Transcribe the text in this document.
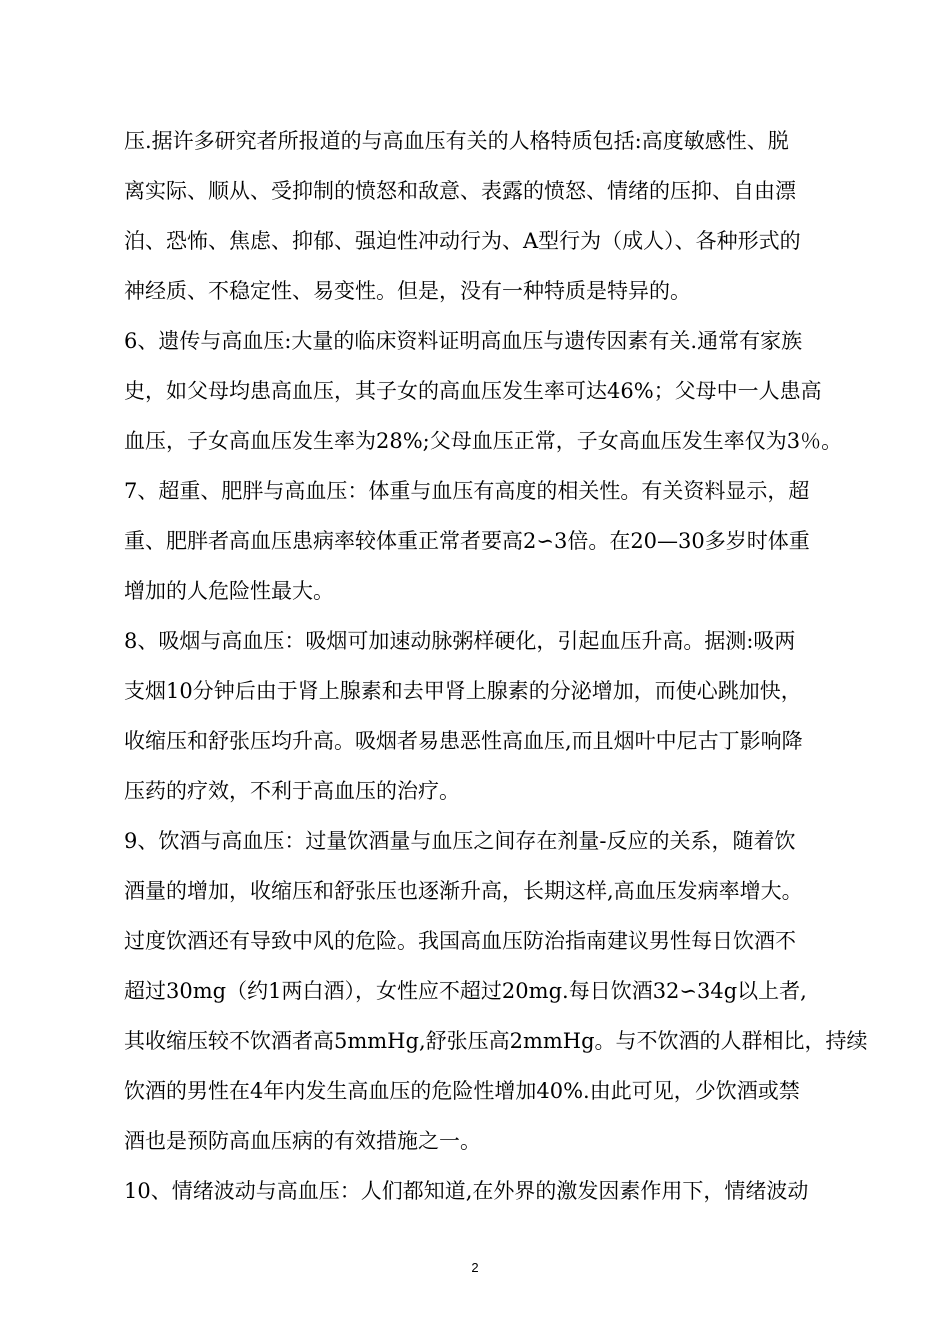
压.据许多研究者所报道的与高血压有关的人格特质包括:高度敏感性、脱
离实际、顺从、受抑制的愤怒和敌意、表露的愤怒、情绪的压抑、自由漂
泊、恐怖、焦虑、抑郁、强迫性冲动行为、A型行为（成人）、各种形式的
神经质、不稳定性、易变性。但是，没有一种特质是特异的。
6、遗传与高血压:大量的临床资料证明高血压与遗传因素有关.通常有家族
史，如父母均患高血压，其子女的高血压发生率可达46%；父母中一人患高
血压，子女高血压发生率为28%;父母血压正常，子女高血压发生率仅为3％。
7、超重、肥胖与高血压：体重与血压有高度的相关性。有关资料显示，超
重、肥胖者高血压患病率较体重正常者要高2∽3倍。在20—30多岁时体重
增加的人危险性最大。
8、吸烟与高血压：吸烟可加速动脉粥样硬化，引起血压升高。据测:吸两
支烟10分钟后由于肾上腺素和去甲肾上腺素的分泌增加，而使心跳加快，
收缩压和舒张压均升高。吸烟者易患恶性高血压,而且烟叶中尼古丁影响降
压药的疗效，不利于高血压的治疗。
9、饮酒与高血压：过量饮酒量与血压之间存在剂量-反应的关系，随着饮
酒量的增加，收缩压和舒张压也逐渐升高，长期这样,高血压发病率增大。
过度饮酒还有导致中风的危险。我国高血压防治指南建议男性每日饮酒不
超过30mg（约1两白酒），女性应不超过20mg.每日饮酒32∽34g以上者,
其收缩压较不饮酒者高5mmHg,舒张压高2mmHg。与不饮酒的人群相比，持续
饮酒的男性在4年内发生高血压的危险性增加40%.由此可见，少饮酒或禁
酒也是预防高血压病的有效措施之一。
10、情绪波动与高血压：人们都知道,在外界的激发因素作用下，情绪波动
2
